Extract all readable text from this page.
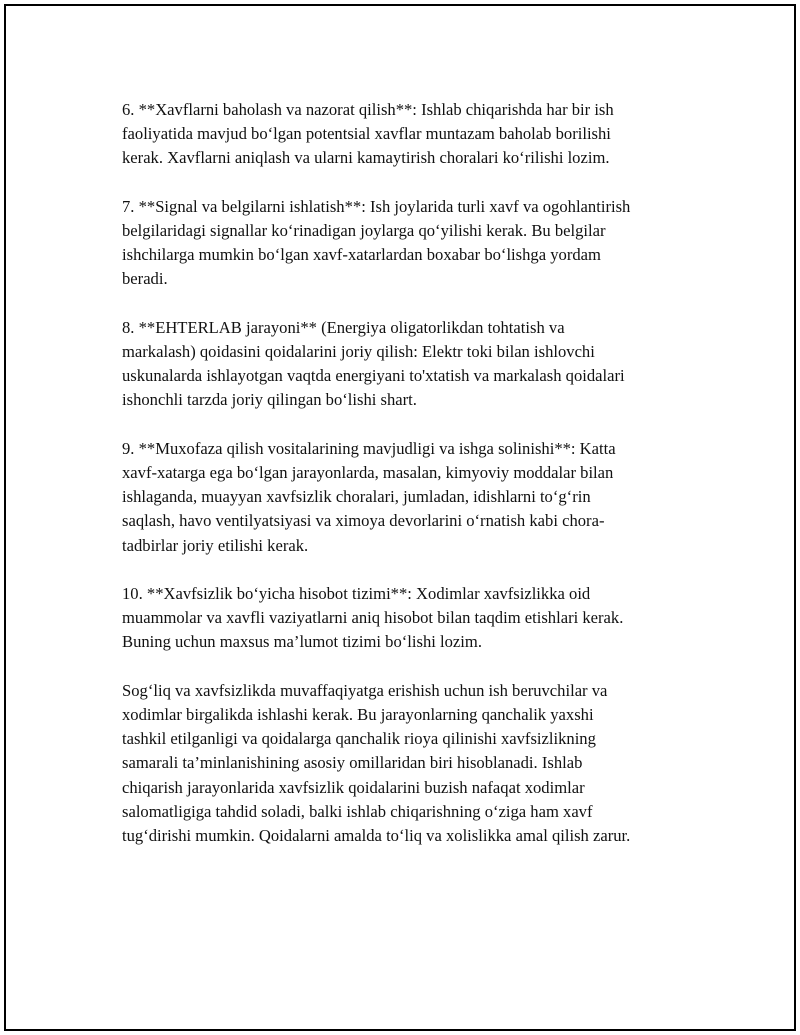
6. **Xavflarni baholash va nazorat qilish**: Ishlab chiqarishda har bir ish
faoliyatida mavjud bo‘lgan potentsial xavflar muntazam baholab borilishi
kerak. Xavflarni aniqlash va ularni kamaytirish choralari ko‘rilishi lozim.

7. **Signal va belgilarni ishlatish**: Ish joylarida turli xavf va ogohlantirish
belgilaridagi signallar ko‘rinadigan joylarga qo‘yilishi kerak. Bu belgilar
ishchilarga mumkin bo‘lgan xavf-xatarlardan boxabar bo‘lishga yordam
beradi.

8. **EHTERLAB jarayoni** (Energiya oligatorlikdan tohtatish va
markalash) qoidasini qoidalarini joriy qilish: Elektr toki bilan ishlovchi
uskunalarda ishlayotgan vaqtda energiyani to'xtatish va markalash qoidalari
ishonchli tarzda joriy qilingan bo‘lishi shart.

9. **Muxofaza qilish vositalarining mavjudligi va ishga solinishi**: Katta
xavf-xatarga ega bo‘lgan jarayonlarda, masalan, kimyoviy moddalar bilan
ishlaganda, muayyan xavfsizlik choralari, jumladan, idishlarni to‘g‘rin
saqlash, havo ventilyatsiyasi va ximoya devorlarini o‘rnatish kabi chora-
tadbirlar joriy etilishi kerak.

10. **Xavfsizlik bo‘yicha hisobot tizimi**: Xodimlar xavfsizlikka oid
muammolar va xavfli vaziyatlarni aniq hisobot bilan taqdim etishlari kerak.
Buning uchun maxsus ma’lumot tizimi bo‘lishi lozim.

Sog‘liq va xavfsizlikda muvaffaqiyatga erishish uchun ish beruvchilar va
xodimlar birgalikda ishlashi kerak. Bu jarayonlarning qanchalik yaxshi
tashkil etilganligi va qoidalarga qanchalik rioya qilinishi xavfsizlikning
samarali ta’minlanishining asosiy omillaridan biri hisoblanadi. Ishlab
chiqarish jarayonlarida xavfsizlik qoidalarini buzish nafaqat xodimlar
salomatligiga tahdid soladi, balki ishlab chiqarishning o‘ziga ham xavf
tug‘dirishi mumkin. Qoidalarni amalda to‘liq va xolislikka amal qilish zarur.
